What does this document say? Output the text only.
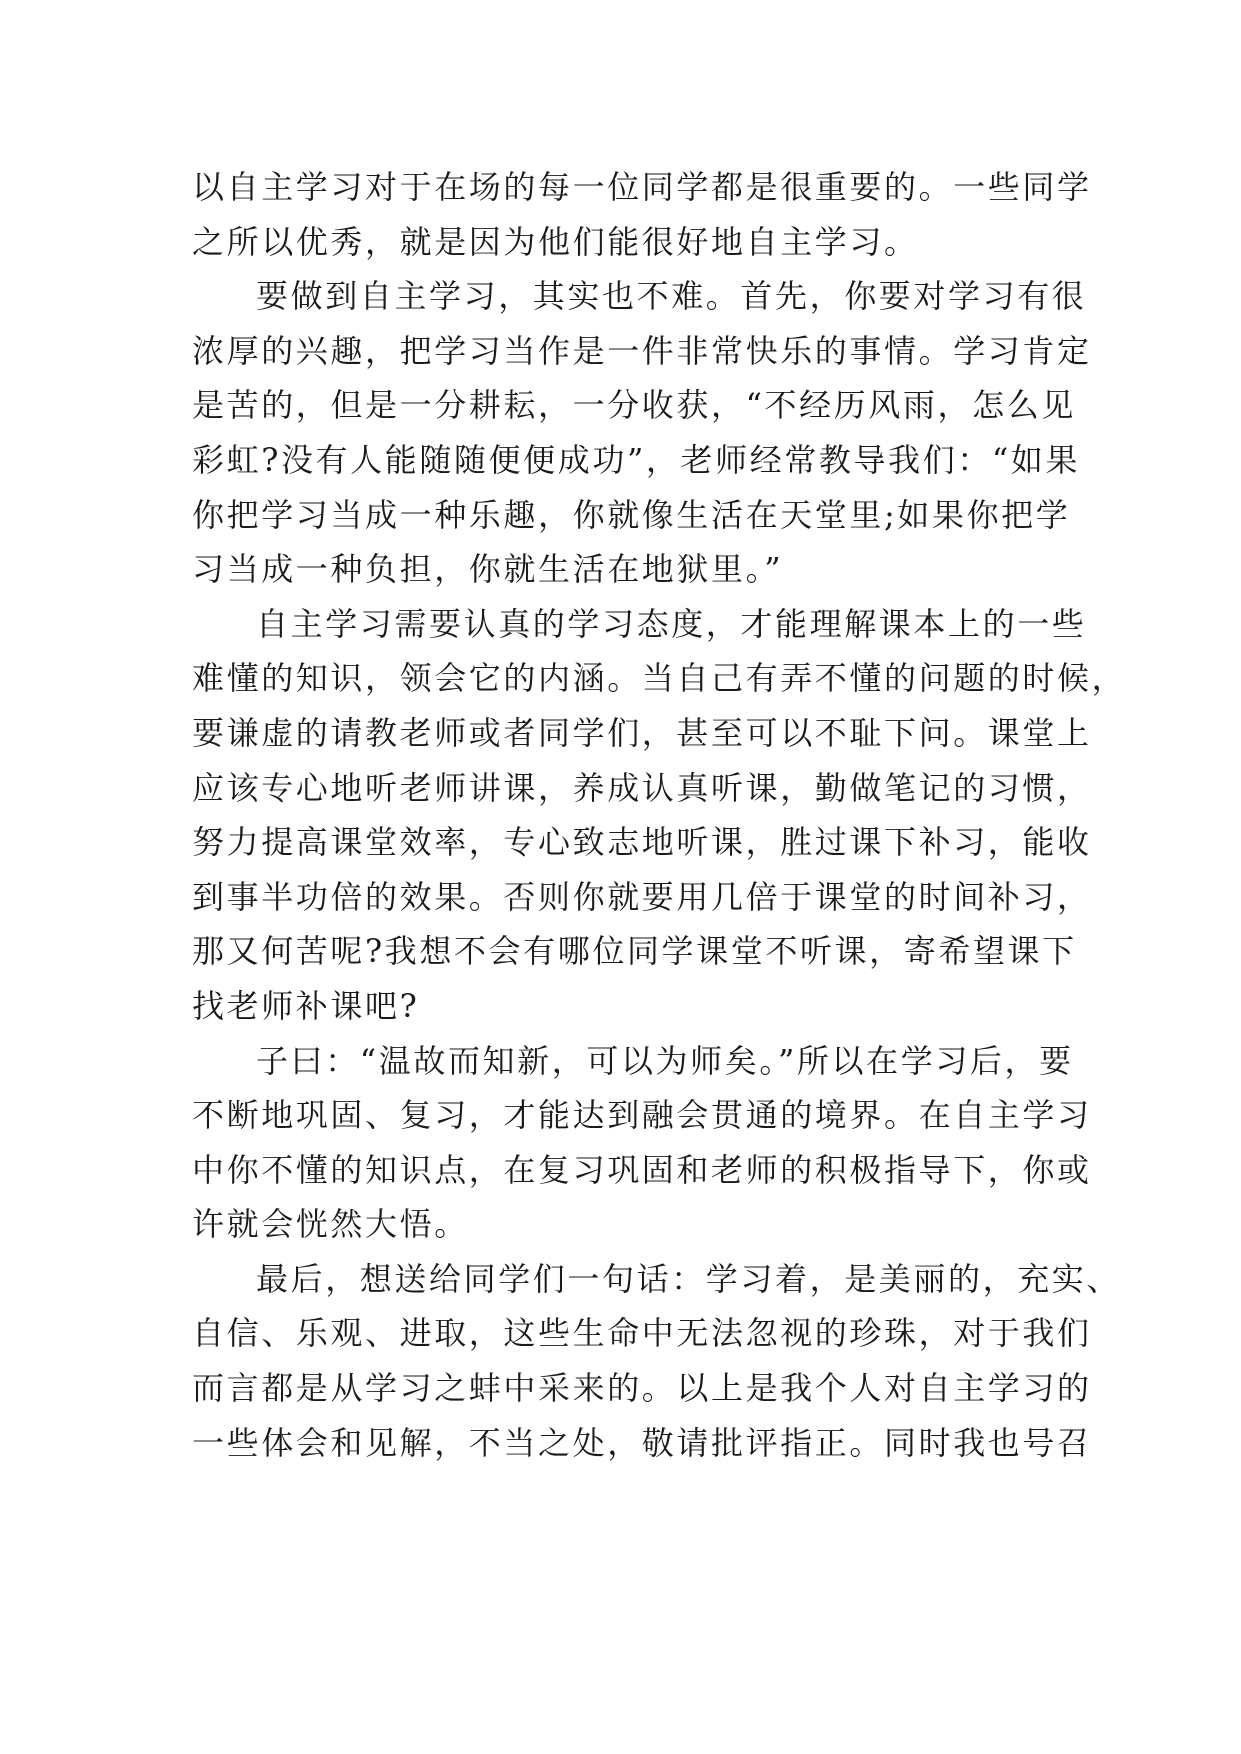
以自主学习对于在场的每一位同学都是很重要的。一些同学
之所以优秀，就是因为他们能很好地自主学习。
要做到自主学习，其实也不难。首先，你要对学习有很
浓厚的兴趣，把学习当作是一件非常快乐的事情。学习肯定
是苦的，但是一分耕耘，一分收获，“不经历风雨，怎么见
彩虹?没有人能随随便便成功”，老师经常教导我们：“如果
你把学习当成一种乐趣，你就像生活在天堂里;如果你把学
习当成一种负担，你就生活在地狱里。”
自主学习需要认真的学习态度，才能理解课本上的一些
难懂的知识，领会它的内涵。当自己有弄不懂的问题的时候，
要谦虚的请教老师或者同学们，甚至可以不耻下问。课堂上
应该专心地听老师讲课，养成认真听课，勤做笔记的习惯，
努力提高课堂效率，专心致志地听课，胜过课下补习，能收
到事半功倍的效果。否则你就要用几倍于课堂的时间补习，
那又何苦呢?我想不会有哪位同学课堂不听课，寄希望课下
找老师补课吧?
子曰：“温故而知新，可以为师矣。”所以在学习后，要
不断地巩固、复习，才能达到融会贯通的境界。在自主学习
中你不懂的知识点，在复习巩固和老师的积极指导下，你或
许就会恍然大悟。
最后，想送给同学们一句话：学习着，是美丽的，充实、
自信、乐观、进取，这些生命中无法忽视的珍珠，对于我们
而言都是从学习之蚌中采来的。以上是我个人对自主学习的
一些体会和见解，不当之处，敬请批评指正。同时我也号召
